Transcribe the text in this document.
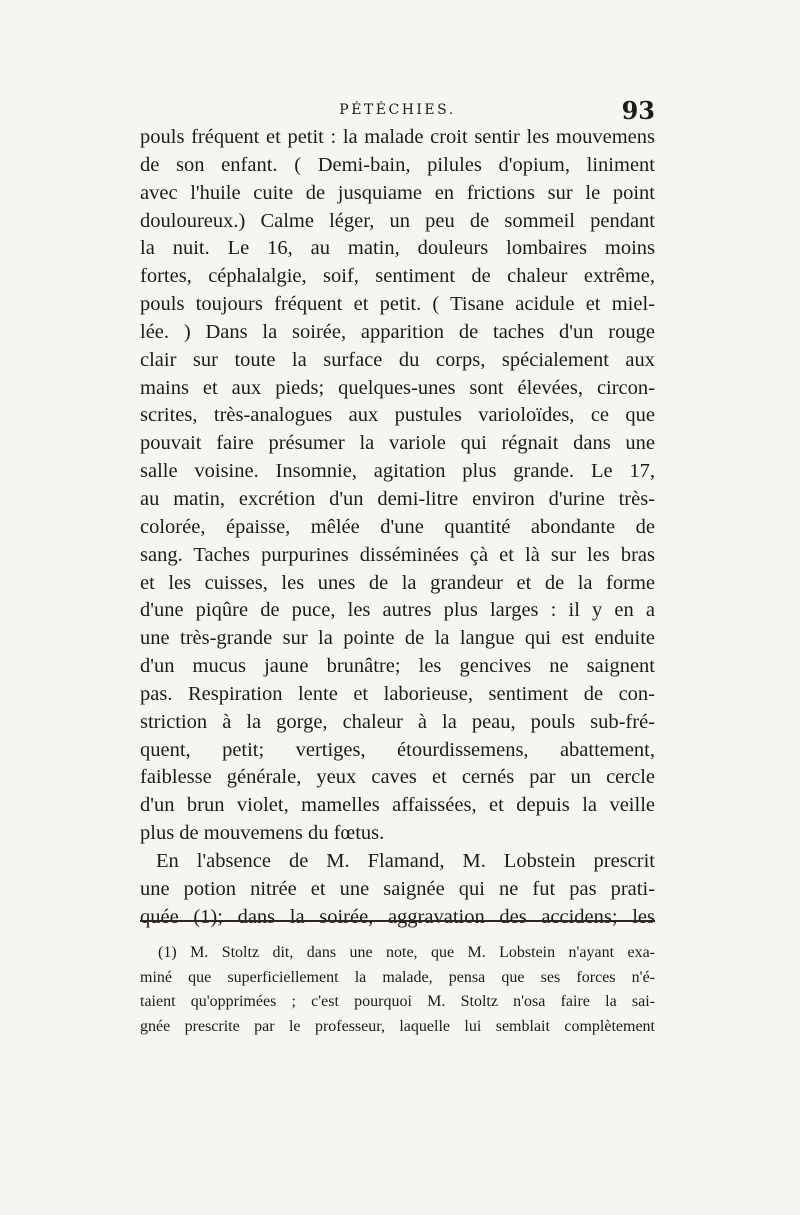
PÉTÉCHIES.	93
pouls fréquent et petit : la malade croit sentir les mouvemens
de son enfant. ( Demi-bain, pilules d'opium, liniment
avec l'huile cuite de jusquiame en frictions sur le point
douloureux.) Calme léger, un peu de sommeil pendant
la nuit. Le 16, au matin, douleurs lombaires moins
fortes, céphalalgie, soif, sentiment de chaleur extrême,
pouls toujours fréquent et petit. ( Tisane acidule et miel-
lée. ) Dans la soirée, apparition de taches d'un rouge
clair sur toute la surface du corps, spécialement aux
mains et aux pieds; quelques-unes sont élevées, circon-
scrites, très-analogues aux pustules varioloïdes, ce que
pouvait faire présumer la variole qui régnait dans une
salle voisine. Insomnie, agitation plus grande. Le 17,
au matin, excrétion d'un demi-litre environ d'urine très-
colorée, épaisse, mêlée d'une quantité abondante de
sang. Taches purpurines disséminées çà et là sur les bras
et les cuisses, les unes de la grandeur et de la forme
d'une piqûre de puce, les autres plus larges : il y en a
une très-grande sur la pointe de la langue qui est enduite
d'un mucus jaune brunâtre; les gencives ne saignent
pas. Respiration lente et laborieuse, sentiment de con-
striction à la gorge, chaleur à la peau, pouls sub-fré-
quent, petit; vertiges, étourdissemens, abattement,
faiblesse générale, yeux caves et cernés par un cercle
d'un brun violet, mamelles affaissées, et depuis la veille
plus de mouvemens du fœtus.
En l'absence de M. Flamand, M. Lobstein prescrit
une potion nitrée et une saignée qui ne fut pas prati-
quée (1); dans la soirée, aggravation des accidens; les
(1) M. Stoltz dit, dans une note, que M. Lobstein n'ayant exa-
miné que superficiellement la malade, pensa que ses forces n'é-
taient qu'opprimées ; c'est pourquoi M. Stoltz n'osa faire la sai-
gnée prescrite par le professeur, laquelle lui semblait complètement
